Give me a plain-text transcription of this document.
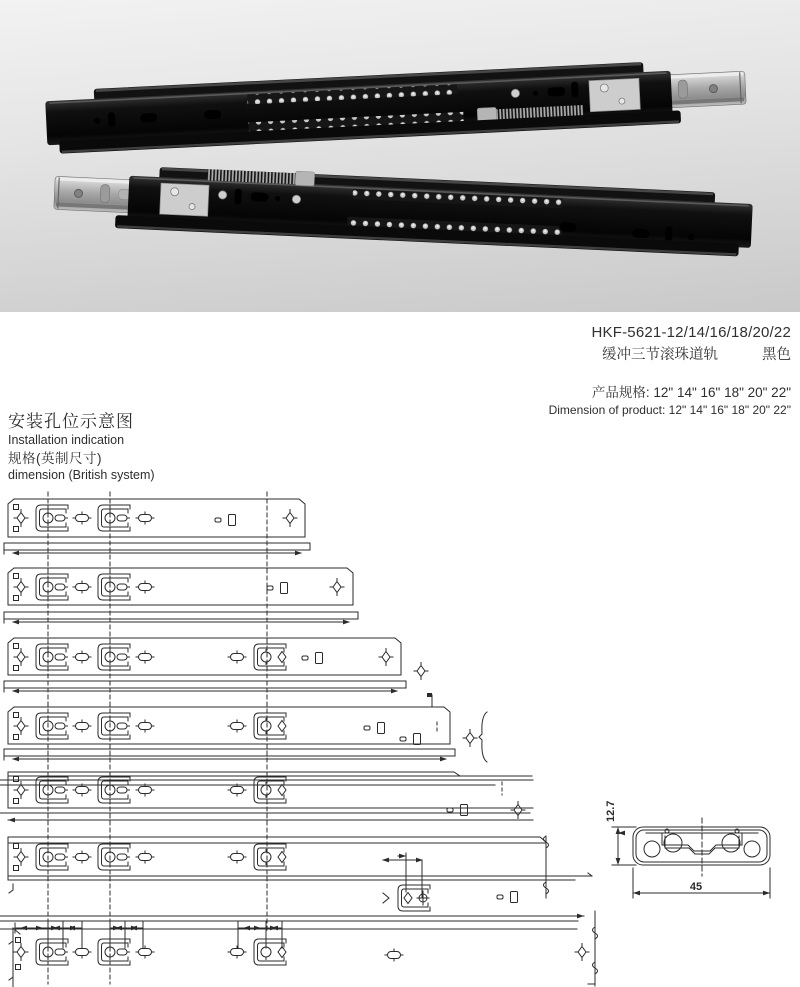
HKF-5621-12/14/16/18/20/22
缓冲三节滚珠道轨	黑色
产品规格: 12" 14" 16" 18" 20" 22"
Dimension of product: 12" 14" 16" 18" 20" 22"
安装孔位示意图
Installation indication
规格(英制尺寸)
dimension (British system)
12.7
45
